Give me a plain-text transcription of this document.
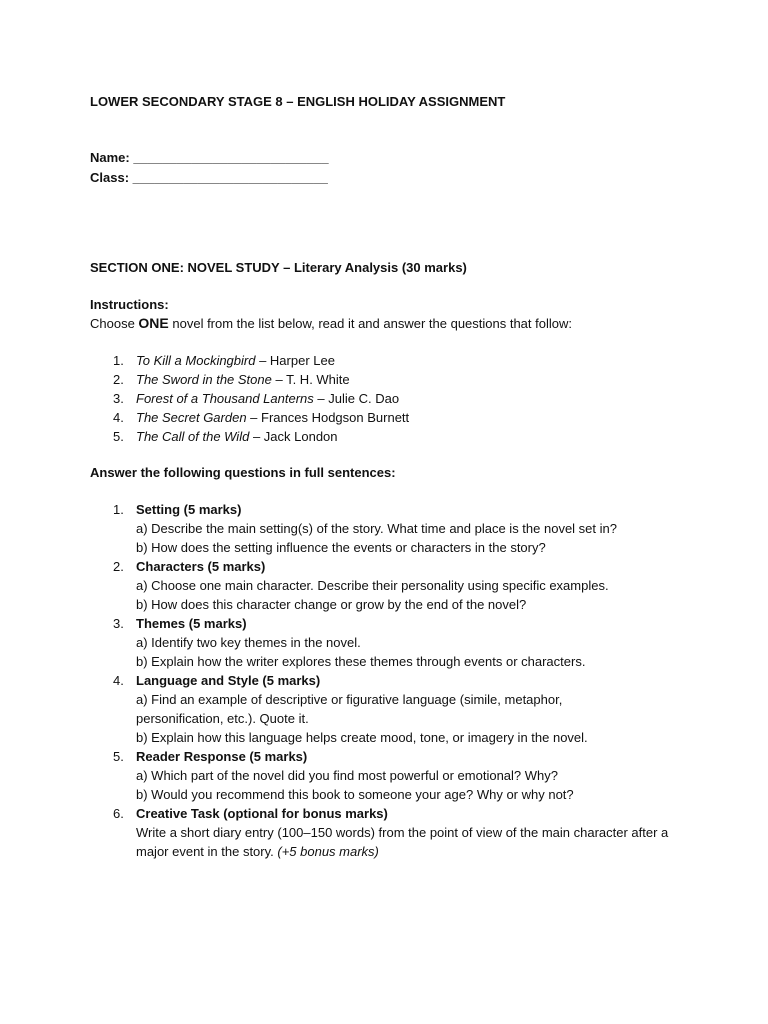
LOWER SECONDARY STAGE 8 – ENGLISH HOLIDAY ASSIGNMENT
Name: ___________________________
Class: ___________________________
SECTION ONE: NOVEL STUDY – Literary Analysis (30 marks)
Instructions:
Choose ONE novel from the list below, read it and answer the questions that follow:
1. To Kill a Mockingbird – Harper Lee
2. The Sword in the Stone – T. H. White
3. Forest of a Thousand Lanterns – Julie C. Dao
4. The Secret Garden – Frances Hodgson Burnett
5. The Call of the Wild – Jack London
Answer the following questions in full sentences:
1. Setting (5 marks)
a) Describe the main setting(s) of the story. What time and place is the novel set in?
b) How does the setting influence the events or characters in the story?
2. Characters (5 marks)
a) Choose one main character. Describe their personality using specific examples.
b) How does this character change or grow by the end of the novel?
3. Themes (5 marks)
a) Identify two key themes in the novel.
b) Explain how the writer explores these themes through events or characters.
4. Language and Style (5 marks)
a) Find an example of descriptive or figurative language (simile, metaphor, personification, etc.). Quote it.
b) Explain how this language helps create mood, tone, or imagery in the novel.
5. Reader Response (5 marks)
a) Which part of the novel did you find most powerful or emotional? Why?
b) Would you recommend this book to someone your age? Why or why not?
6. Creative Task (optional for bonus marks)
Write a short diary entry (100–150 words) from the point of view of the main character after a major event in the story. (+5 bonus marks)
